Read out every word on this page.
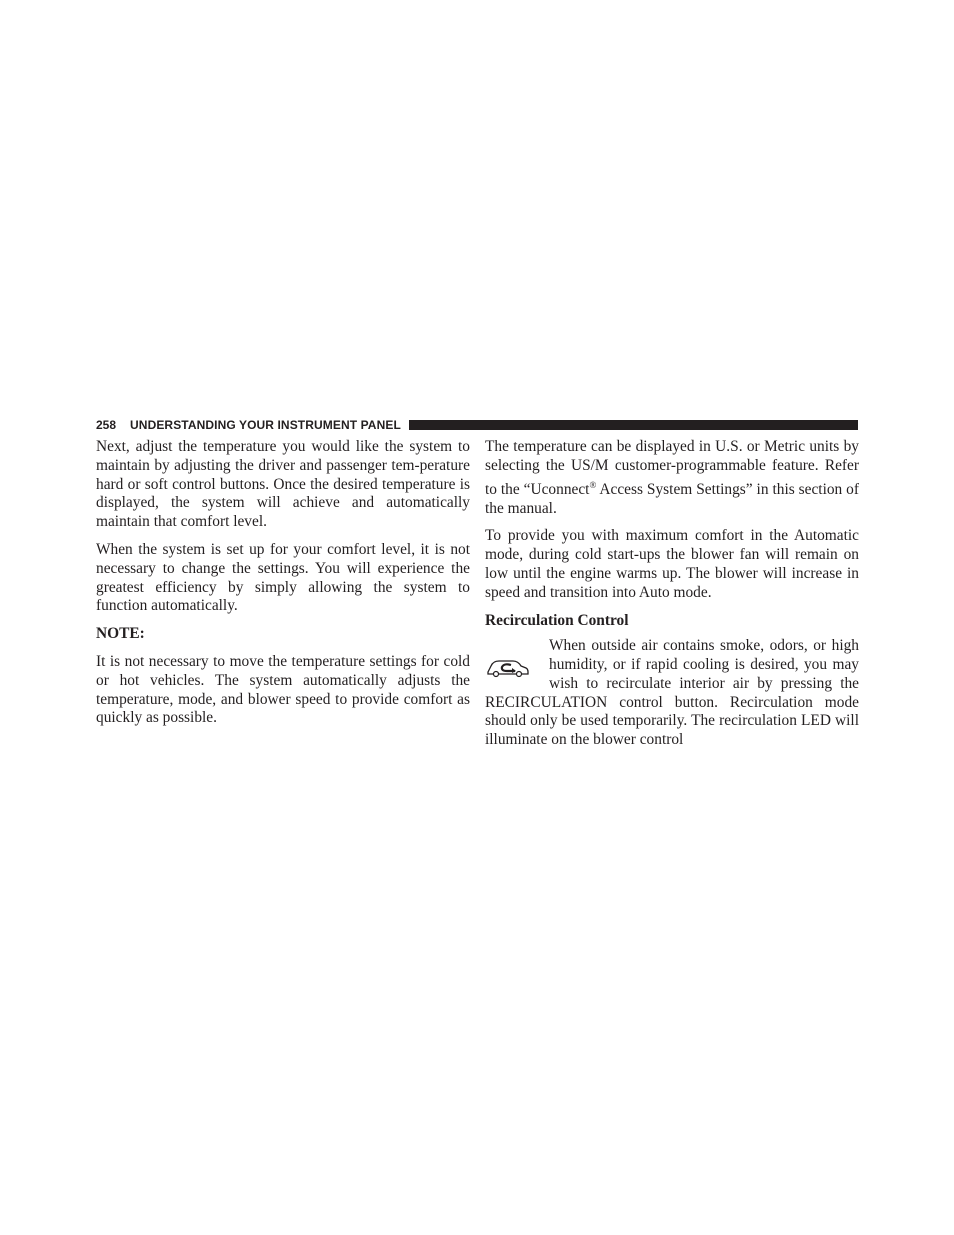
258 UNDERSTANDING YOUR INSTRUMENT PANEL

Next, adjust the temperature you would like the system to maintain by adjusting the driver and passenger tem-perature hard or soft control buttons. Once the desired temperature is displayed, the system will achieve and automatically maintain that comfort level.

When the system is set up for your comfort level, it is not necessary to change the settings. You will experience the greatest efficiency by simply allowing the system to function automatically.

NOTE:

It is not necessary to move the temperature settings for cold or hot vehicles. The system automatically adjusts the temperature, mode, and blower speed to provide comfort as quickly as possible.

The temperature can be displayed in U.S. or Metric units by selecting the US/M customer-programmable feature. Refer to the “Uconnect® Access System Settings” in this section of the manual.

To provide you with maximum comfort in the Automatic mode, during cold start-ups the blower fan will remain on low until the engine warms up. The blower will increase in speed and transition into Auto mode.

Recirculation Control

When outside air contains smoke, odors, or high humidity, or if rapid cooling is desired, you may wish to recirculate interior air by pressing the RECIRCULATION control button. Recirculation mode should only be used temporarily. The recirculation LED will illuminate on the blower control
